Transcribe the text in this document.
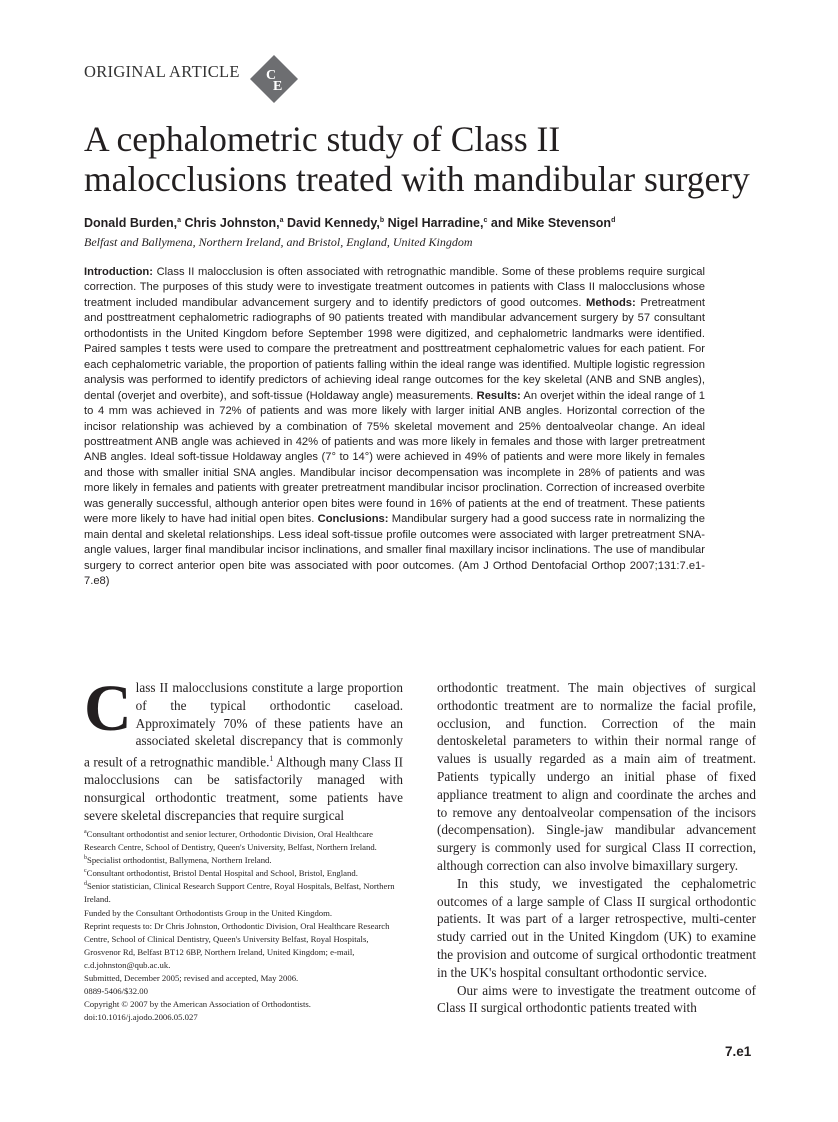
ORIGINAL ARTICLE C
E
A cephalometric study of Class II
malocclusions treated with mandibular surgery
Donald Burden,$^a$ Chris Johnston,$^a$ David Kennedy,$^b$ Nigel Harradine,$^c$ and Mike Stevenson$^d$
Belfast and Ballymena, Northern Ireland, and Bristol, England, United Kingdom
Introduction: Class II malocclusion is often associated with retrognathic mandible. Some of these problems require surgical correction. The purposes of this study were to investigate treatment outcomes in patients with Class II malocclusions whose treatment included mandibular advancement surgery and to identify predictors of good outcomes. Methods: Pretreatment and posttreatment cephalometric radiographs of 90 patients treated with mandibular advancement surgery by 57 consultant orthodontists in the United Kingdom before September 1998 were digitized, and cephalometric landmarks were identified. Paired samples t tests were used to compare the pretreatment and posttreatment cephalometric values for each patient. For each cephalometric variable, the proportion of patients falling within the ideal range was identified. Multiple logistic regression analysis was performed to identify predictors of achieving ideal range outcomes for the key skeletal (ANB and SNB angles), dental (overjet and overbite), and soft-tissue (Holdaway angle) measurements. Results: An overjet within the ideal range of 1 to 4 mm was achieved in 72% of patients and was more likely with larger initial ANB angles. Horizontal correction of the incisor relationship was achieved by a combination of 75% skeletal movement and 25% dentoalveolar change. An ideal posttreatment ANB angle was achieved in 42% of patients and was more likely in females and those with larger pretreatment ANB angles. Ideal soft-tissue Holdaway angles (7° to 14°) were achieved in 49% of patients and were more likely in females and those with smaller initial SNA angles. Mandibular incisor decompensation was incomplete in 28% of patients and was more likely in females and patients with greater pretreatment mandibular incisor proclination. Correction of increased overbite was generally successful, although anterior open bites were found in 16% of patients at the end of treatment. These patients were more likely to have had initial open bites. Conclusions: Mandibular surgery had a good success rate in normalizing the main dental and skeletal relationships. Less ideal soft-tissue profile outcomes were associated with larger pretreatment SNA-angle values, larger final mandibular incisor inclinations, and smaller final maxillary incisor inclinations. The use of mandibular surgery to correct anterior open bite was associated with poor outcomes. (Am J Orthod Dentofacial Orthop 2007;131:7.e1-7.e8)

Class II malocclusions constitute a large proportion of the typical orthodontic caseload. Approximately 70% of these patients have an associated skeletal discrepancy that is commonly a result of a retrognathic mandible.$^1$ Although many Class II malocclusions can be satisfactorily managed with nonsurgical orthodontic treatment, some patients have severe skeletal discrepancies that require surgical

$^a$Consultant orthodontist and senior lecturer, Orthodontic Division, Oral Healthcare Research Centre, School of Dentistry, Queen's University, Belfast, Northern Ireland.
$^b$Specialist orthodontist, Ballymena, Northern Ireland.
$^c$Consultant orthodontist, Bristol Dental Hospital and School, Bristol, England.
$^d$Senior statistician, Clinical Research Support Centre, Royal Hospitals, Belfast, Northern Ireland.
Funded by the Consultant Orthodontists Group in the United Kingdom.
Reprint requests to: Dr Chris Johnston, Orthodontic Division, Oral Healthcare Research Centre, School of Clinical Dentistry, Queen's University Belfast, Royal Hospitals, Grosvenor Rd, Belfast BT12 6BP, Northern Ireland, United Kingdom; e-mail, c.d.johnston@qub.ac.uk.
Submitted, December 2005; revised and accepted, May 2006.
0889-5406/$32.00
Copyright © 2007 by the American Association of Orthodontists.
doi:10.1016/j.ajodo.2006.05.027

orthodontic treatment. The main objectives of surgical orthodontic treatment are to normalize the facial profile, occlusion, and function. Correction of the main dentoskeletal parameters to within their normal range of values is usually regarded as a main aim of treatment. Patients typically undergo an initial phase of fixed appliance treatment to align and coordinate the arches and to remove any dentoalveolar compensation of the incisors (decompensation). Single-jaw mandibular advancement surgery is commonly used for surgical Class II correction, although correction can also involve bimaxillary surgery.

In this study, we investigated the cephalometric outcomes of a large sample of Class II surgical orthodontic patients. It was part of a larger retrospective, multi-center study carried out in the United Kingdom (UK) to examine the provision and outcome of surgical orthodontic treatment in the UK's hospital consultant orthodontic service.

Our aims were to investigate the treatment outcome of Class II surgical orthodontic patients treated with

7.e1
